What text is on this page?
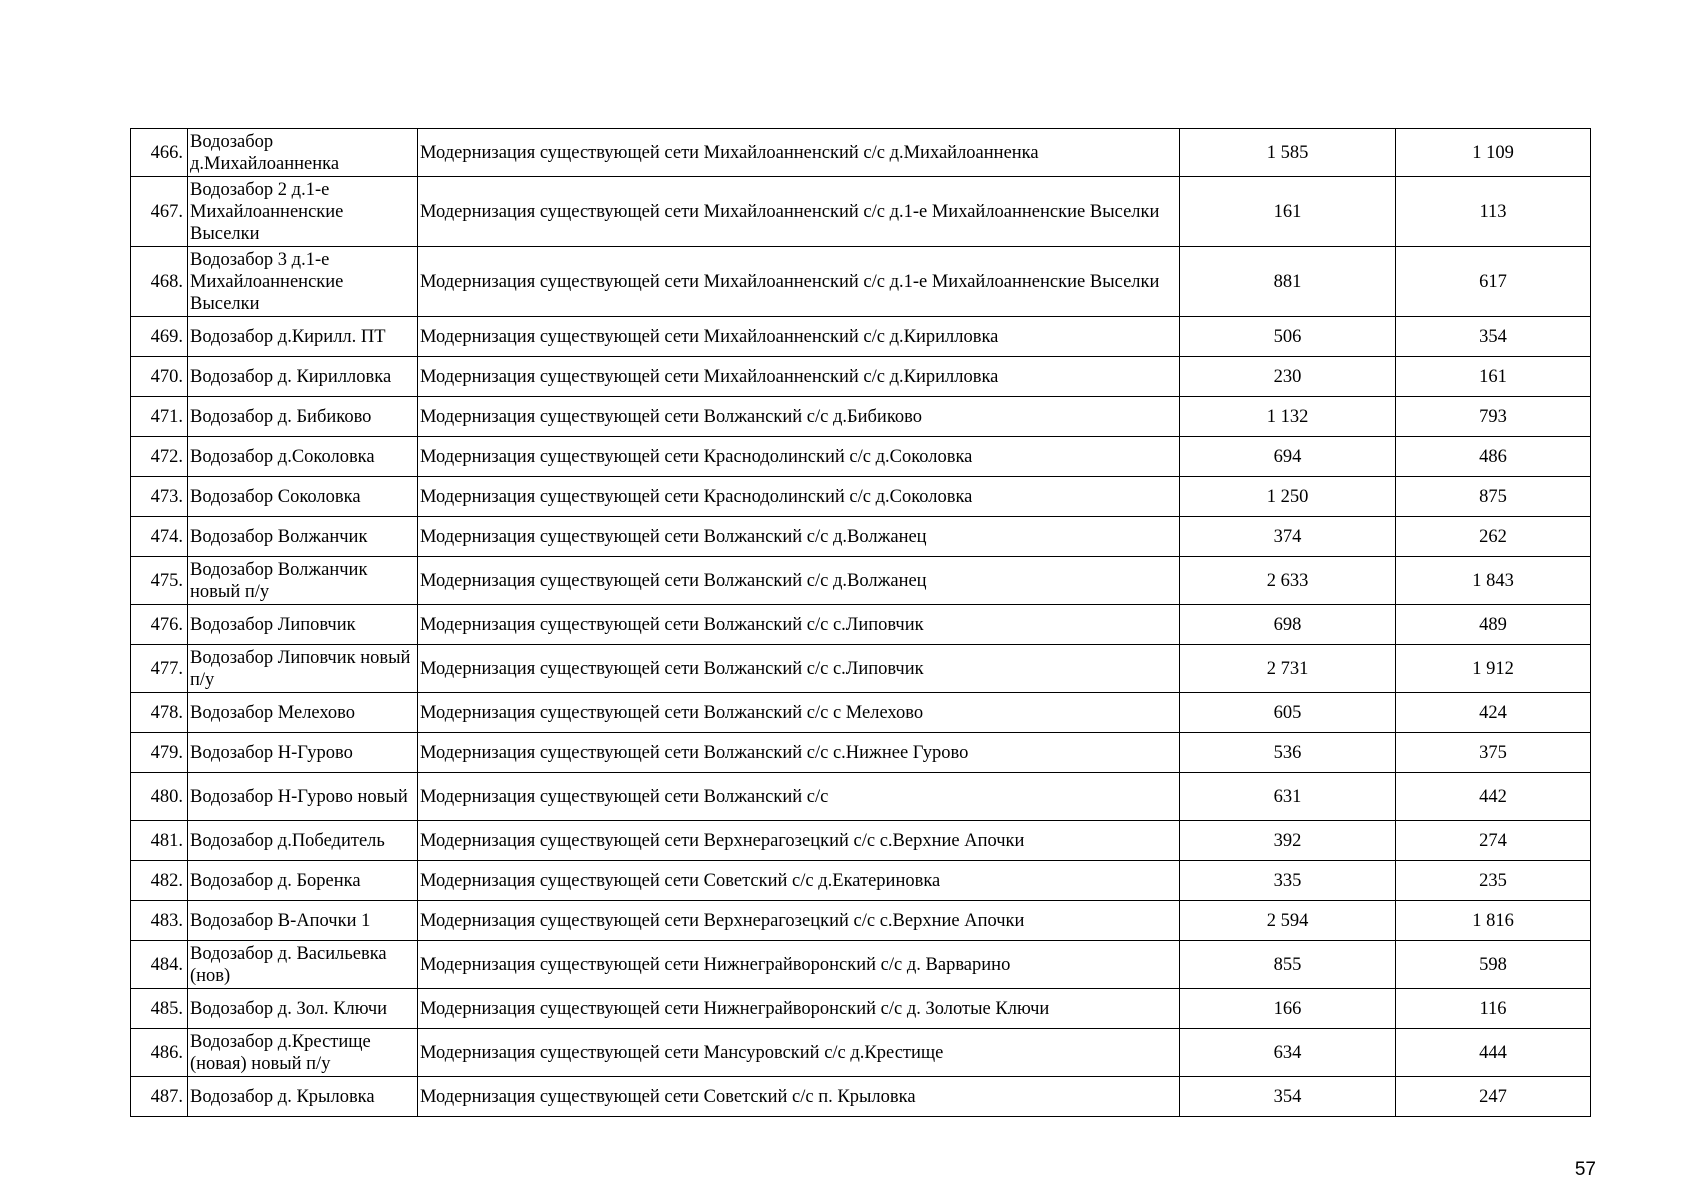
466.	Водозабор д.Михайлоанненка	Модернизация существующей сети Михайлоанненский с/с д.Михайлоанненка	1 585	1 109
467.	Водозабор 2 д.1-е Михайлоанненские Выселки	Модернизация существующей сети Михайлоанненский с/с д.1-е Михайлоанненские Выселки	161	113
468.	Водозабор 3 д.1-е Михайлоанненские Выселки	Модернизация существующей сети Михайлоанненский с/с д.1-е Михайлоанненские Выселки	881	617
469.	Водозабор д.Кирилл. ПТ	Модернизация существующей сети Михайлоанненский с/с д.Кирилловка	506	354
470.	Водозабор д. Кирилловка	Модернизация существующей сети Михайлоанненский с/с д.Кирилловка	230	161
471.	Водозабор д. Бибиково	Модернизация существующей сети Волжанский с/с д.Бибиково	1 132	793
472.	Водозабор д.Соколовка	Модернизация существующей сети Краснодолинский с/с д.Соколовка	694	486
473.	Водозабор Соколовка	Модернизация существующей сети Краснодолинский с/с д.Соколовка	1 250	875
474.	Водозабор Волжанчик	Модернизация существующей сети Волжанский с/с д.Волжанец	374	262
475.	Водозабор Волжанчик новый п/у	Модернизация существующей сети Волжанский с/с д.Волжанец	2 633	1 843
476.	Водозабор Липовчик	Модернизация существующей сети Волжанский с/с с.Липовчик	698	489
477.	Водозабор Липовчик новый п/у	Модернизация существующей сети Волжанский с/с с.Липовчик	2 731	1 912
478.	Водозабор Мелехово	Модернизация существующей сети Волжанский с/с с Мелехово	605	424
479.	Водозабор Н-Гурово	Модернизация существующей сети Волжанский с/с с.Нижнее Гурово	536	375
480.	Водозабор Н-Гурово новый	Модернизация существующей сети Волжанский с/с	631	442
481.	Водозабор д.Победитель	Модернизация существующей сети Верхнерагозецкий с/с с.Верхние Апочки	392	274
482.	Водозабор д. Боренка	Модернизация существующей сети Советский с/с д.Екатериновка	335	235
483.	Водозабор В-Апочки 1	Модернизация существующей сети Верхнерагозецкий с/с с.Верхние Апочки	2 594	1 816
484.	Водозабор д. Васильевка (нов)	Модернизация существующей сети Нижнеграйворонский с/с д. Варварино	855	598
485.	Водозабор д. Зол. Ключи	Модернизация существующей сети Нижнеграйворонский с/с д. Золотые Ключи	166	116
486.	Водозабор д.Крестище (новая) новый п/у	Модернизация существующей сети Мансуровский с/с д.Крестище	634	444
487.	Водозабор д. Крыловка	Модернизация существующей сети Советский с/с п. Крыловка	354	247
57
